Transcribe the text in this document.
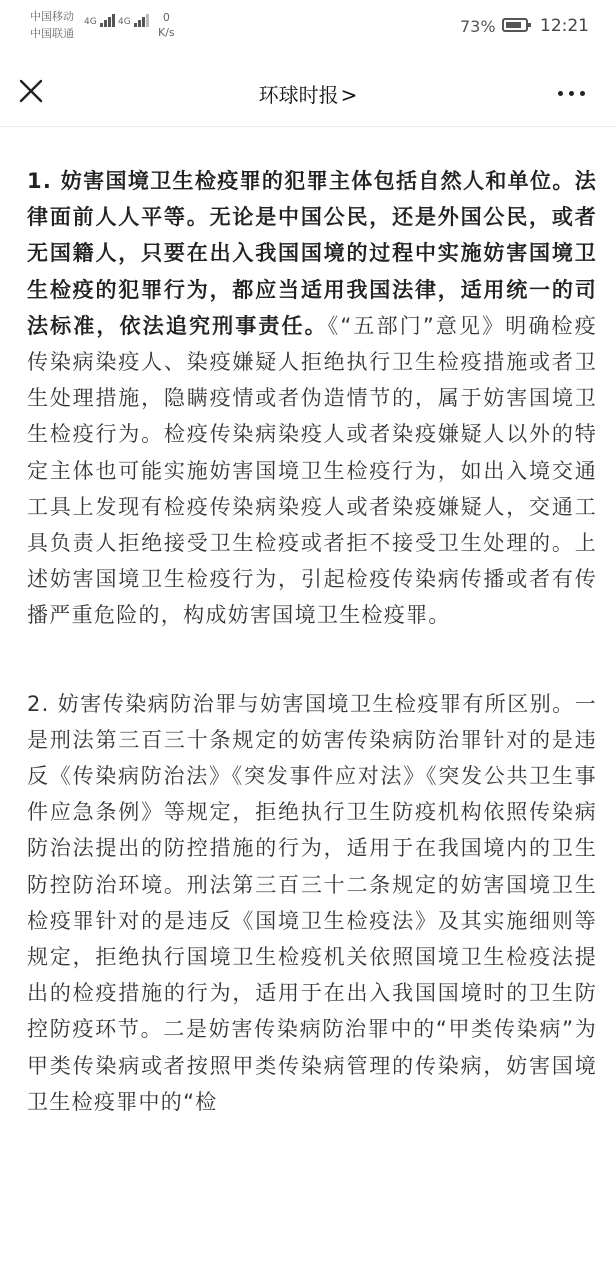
中国移动
中国联通
4G	4G	0
K/s	73%	12:21
环球时报 >

1. 妨害国境卫生检疫罪的犯罪主体包括自然人和单位。法律面前人人平等。无论是中国公民，还是外国公民，或者无国籍人，只要在出入我国国境的过程中实施妨害国境卫生检疫的犯罪行为，都应当适用我国法律，适用统一的司法标准，依法追究刑事责任。《“五部门”意见》明确检疫传染病染疫人、染疫嫌疑人拒绝执行卫生检疫措施或者卫生处理措施，隐瞒疫情或者伪造情节的，属于妨害国境卫生检疫行为。检疫传染病染疫人或者染疫嫌疑人以外的特定主体也可能实施妨害国境卫生检疫行为，如出入境交通工具上发现有检疫传染病染疫人或者染疫嫌疑人，交通工具负责人拒绝接受卫生检疫或者拒不接受卫生处理的。上述妨害国境卫生检疫行为，引起检疫传染病传播或者有传播严重危险的，构成妨害国境卫生检疫罪。

2. 妨害传染病防治罪与妨害国境卫生检疫罪有所区别。一是刑法第三百三十条规定的妨害传染病防治罪针对的是违反《传染病防治法》《突发事件应对法》《突发公共卫生事件应急条例》等规定，拒绝执行卫生防疫机构依照传染病防治法提出的防控措施的行为，适用于在我国境内的卫生防控防治环境。刑法第三百三十二条规定的妨害国境卫生检疫罪针对的是违反《国境卫生检疫法》及其实施细则等规定，拒绝执行国境卫生检疫机关依照国境卫生检疫法提出的检疫措施的行为，适用于在出入我国国境时的卫生防控防疫环节。二是妨害传染病防治罪中的“甲类传染病”为甲类传染病或者按照甲类传染病管理的传染病，妨害国境卫生检疫罪中的“检
